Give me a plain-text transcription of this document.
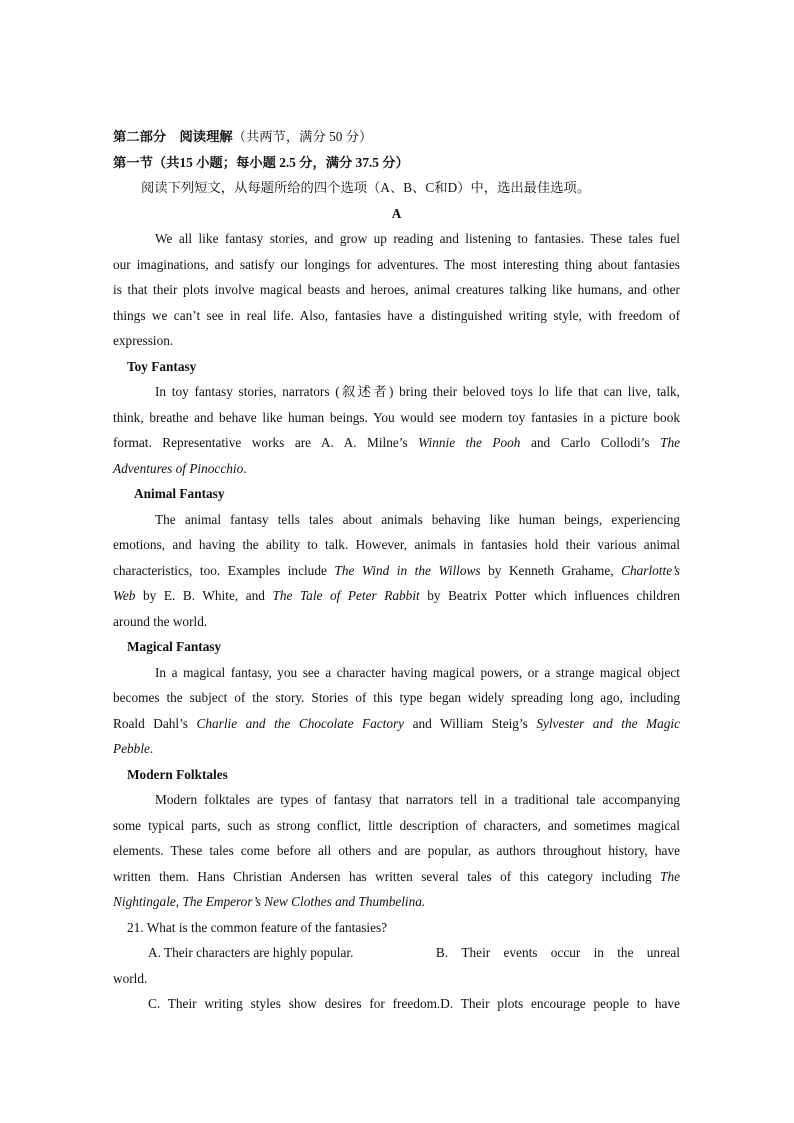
第二部分　阅读理解（共两节，满分 50 分）
第一节（共15 小题；每小题 2.5 分，满分 37.5 分）
阅读下列短文，从每题所给的四个选项（A、B、C和D）中，选出最佳选项。
A
We all like fantasy stories, and grow up reading and listening to fantasies. These tales fuel
our imaginations, and satisfy our longings for adventures. The most interesting thing about fantasies
is that their plots involve magical beasts and heroes, animal creatures talking like humans, and other
things we can’t see in real life. Also, fantasies have a distinguished writing style, with freedom of
expression.
Toy Fantasy
In toy fantasy stories, narrators (叙述者) bring their beloved toys lo life that can live, talk,
think, breathe and behave like human beings. You would see modern toy fantasies in a picture book
format. Representative works are A. A. Milne’s Winnie the Pooh and Carlo Collodi’s The
Adventures of Pinocchio.
Animal Fantasy
The animal fantasy tells tales about animals behaving like human beings, experiencing
emotions, and having the ability to talk. However, animals in fantasies hold their various animal
characteristics, too. Examples include The Wind in the Willows by Kenneth Grahame, Charlotte’s
Web by E. B. White, and The Tale of Peter Rabbit by Beatrix Potter which influences children
around the world.
Magical Fantasy
In a magical fantasy, you see a character having magical powers, or a strange magical object
becomes the subject of the story. Stories of this type began widely spreading long ago, including
Roald Dahl’s Charlie and the Chocolate Factory and William Steig’s Sylvester and the Magic
Pebble.
Modern Folktales
Modern folktales are types of fantasy that narrators tell in a traditional tale accompanying
some typical parts, such as strong conflict, little description of characters, and sometimes magical
elements. These tales come before all others and are popular, as authors throughout history, have
written them. Hans Christian Andersen has written several tales of this category including The
Nightingale, The Emperor’s New Clothes and Thumbelina.
21. What is the common feature of the fantasies?
A. Their characters are highly popular.	B.　Their　events　occur　in　the　unreal
world.
C. Their writing styles show desires for freedom.D. Their plots encourage people to have
